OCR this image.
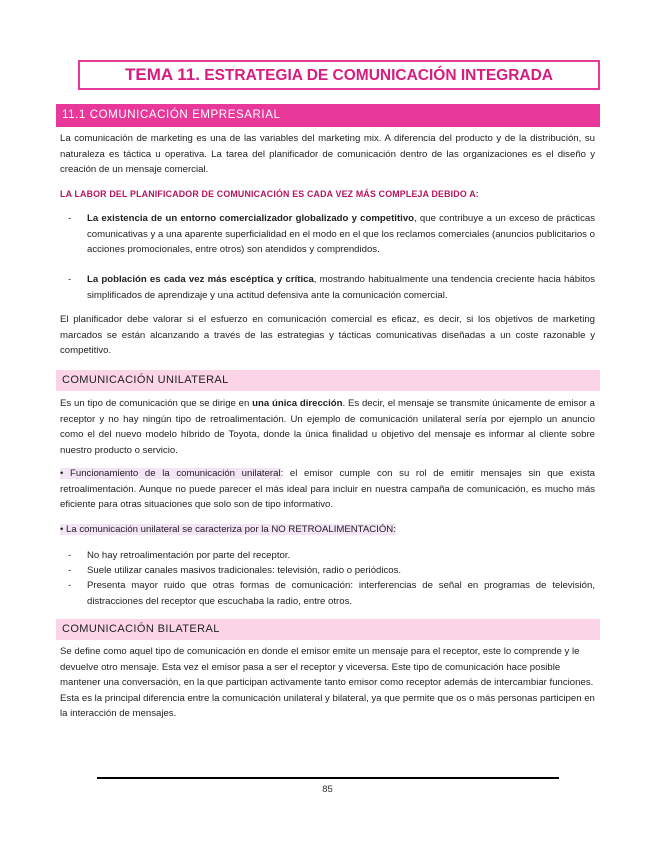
TEMA 11. ESTRATEGIA DE COMUNICACIÓN INTEGRADA
11.1 COMUNICACIÓN EMPRESARIAL

La comunicación de marketing es una de las variables del marketing mix. A diferencia del producto y de la distribución, su naturaleza es táctica u operativa. La tarea del planificador de comunicación dentro de las organizaciones es el diseño y creación de un mensaje comercial.

LA LABOR DEL PLANIFICADOR DE COMUNICACIÓN ES CADA VEZ MÁS COMPLEJA DEBIDO A:
- La existencia de un entorno comercializador globalizado y competitivo, que contribuye a un exceso de prácticas comunicativas y a una aparente superficialidad en el modo en el que los reclamos comerciales (anuncios publicitarios o acciones promocionales, entre otros) son atendidos y comprendidos.
- La población es cada vez más escéptica y crítica, mostrando habitualmente una tendencia creciente hacia hábitos simplificados de aprendizaje y una actitud defensiva ante la comunicación comercial.

El planificador debe valorar si el esfuerzo en comunicación comercial es eficaz, es decir, si los objetivos de marketing marcados se están alcanzando a través de las estrategias y tácticas comunicativas diseñadas a un coste razonable y competitivo.

COMUNICACIÓN UNILATERAL

Es un tipo de comunicación que se dirige en una única dirección. Es decir, el mensaje se transmite únicamente de emisor a receptor y no hay ningún tipo de retroalimentación. Un ejemplo de comunicación unilateral sería por ejemplo un anuncio como el del nuevo modelo híbrido de Toyota, donde la única finalidad u objetivo del mensaje es informar al cliente sobre nuestro producto o servicio.

• Funcionamiento de la comunicación unilateral: el emisor cumple con su rol de emitir mensajes sin que exista retroalimentación. Aunque no puede parecer el más ideal para incluir en nuestra campaña de comunicación, es mucho más eficiente para otras situaciones que solo son de tipo informativo.

• La comunicación unilateral se caracteriza por la NO RETROALIMENTACIÓN:

- No hay retroalimentación por parte del receptor.
- Suele utilizar canales masivos tradicionales: televisión, radio o periódicos.
- Presenta mayor ruido que otras formas de comunicación: interferencias de señal en programas de televisión, distracciones del receptor que escuchaba la radio, entre otros.
COMUNICACIÓN BILATERAL

Se define como aquel tipo de comunicación en donde el emisor emite un mensaje para el receptor, este lo comprende y le devuelve otro mensaje. Esta vez el emisor pasa a ser el receptor y viceversa. Este tipo de comunicación hace posible mantener una conversación, en la que participan activamente tanto emisor como receptor además de intercambiar funciones. Esta es la principal diferencia entre la comunicación unilateral y bilateral, ya que permite que os o más personas participen en la interacción de mensajes.

85
